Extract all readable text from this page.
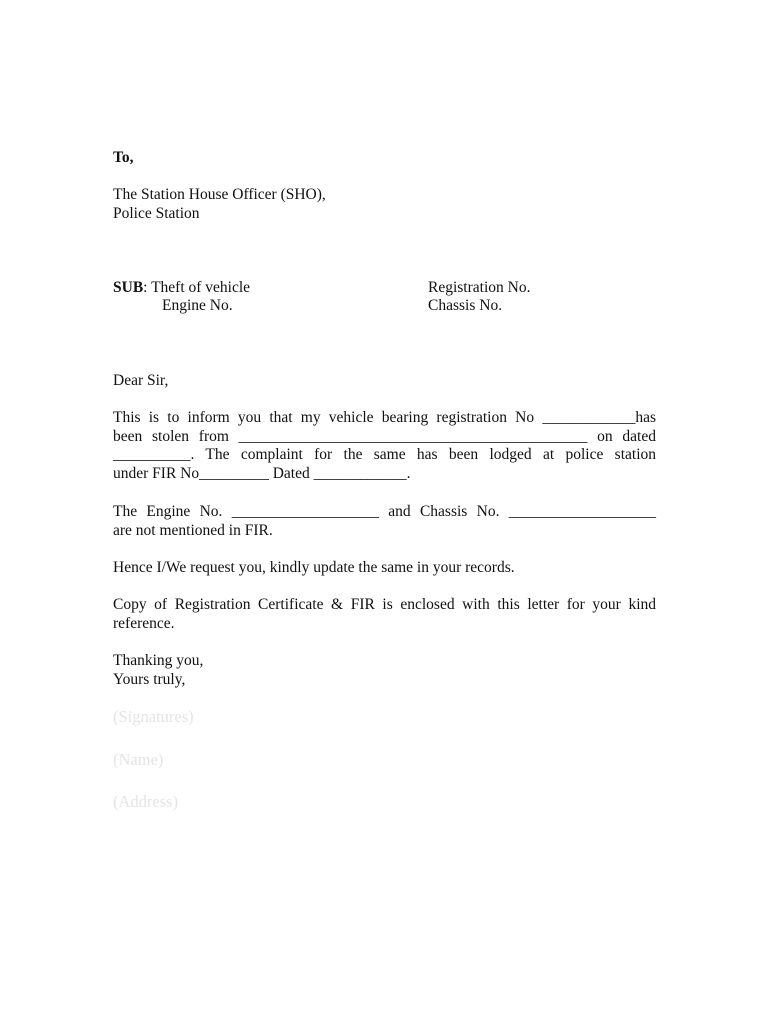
To,
The Station House Officer (SHO),
Police Station
SUB: Theft of vehicle	Registration No.
Engine No.	Chassis No.
Dear Sir,
This is to inform you that my vehicle bearing registration No ____________has
been stolen from _____________________________________________ on dated
__________. The complaint for the same has been lodged at police station
under FIR No_________ Dated ____________.
The Engine No. ___________________ and Chassis No. ___________________
are not mentioned in FIR.
Hence I/We request you, kindly update the same in your records.
Copy of Registration Certificate & FIR is enclosed with this letter for your kind
reference.
Thanking you,
Yours truly,
(Signatures)
(Name)
(Address)
